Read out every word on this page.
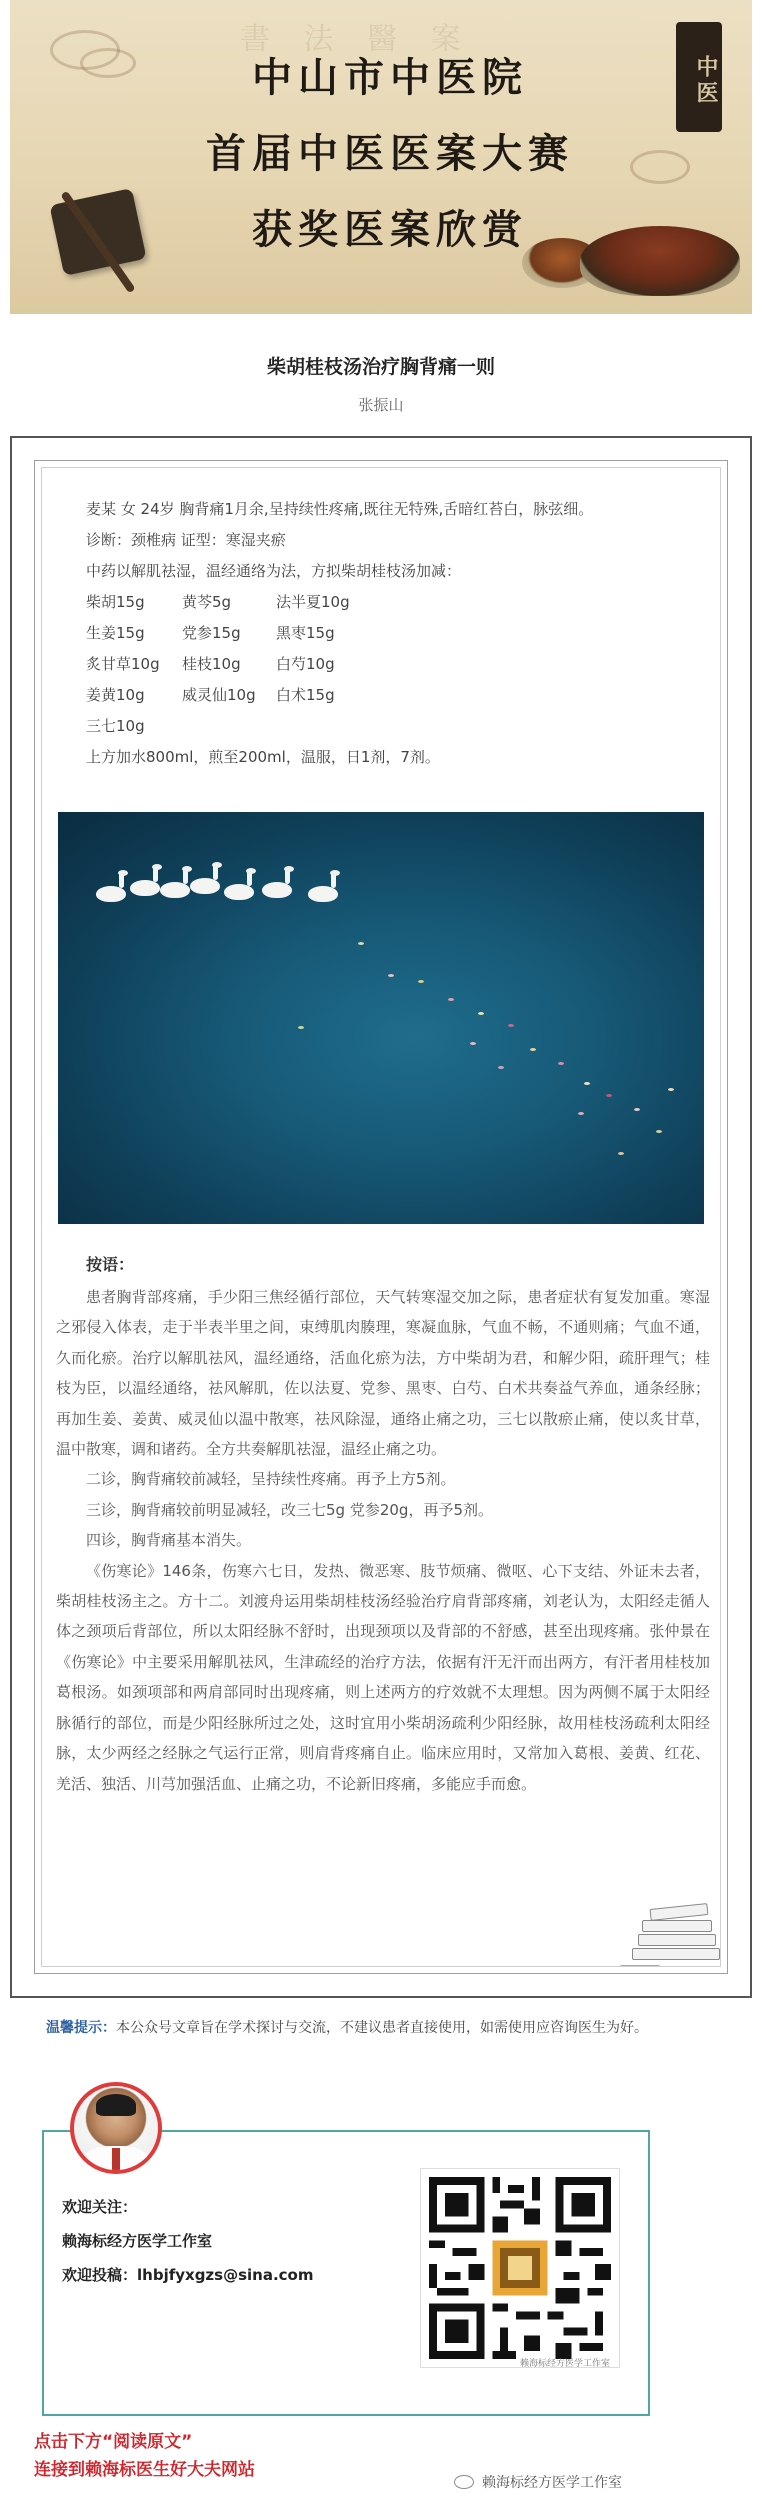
書 法 醫 案
中山市中医院
首届中医医案大赛
获奖医案欣赏
中医
柴胡桂枝汤治疗胸背痛一则
张振山

麦某 女 24岁 胸背痛1月余,呈持续性疼痛,既往无特殊,舌暗红苔白，脉弦细。

诊断：颈椎病 证型：寒湿夹瘀

中药以解肌祛湿，温经通络为法，方拟柴胡桂枝汤加减：

柴胡15g	黄芩5g	法半夏10g
生姜15g	党参15g	黑枣15g
炙甘草10g	桂枝10g	白芍10g
姜黄10g	威灵仙10g	白术15g
三七10g

上方加水800ml，煎至200ml，温服，日1剂，7剂。

按语：

患者胸背部疼痛，手少阳三焦经循行部位，天气转寒湿交加之际，患者症状有复发加重。寒湿之邪侵入体表，走于半表半里之间，束缚肌肉腠理，寒凝血脉，气血不畅，不通则痛；气血不通，久而化瘀。治疗以解肌祛风，温经通络，活血化瘀为法，方中柴胡为君，和解少阳，疏肝理气；桂枝为臣，以温经通络，祛风解肌，佐以法夏、党参、黑枣、白芍、白术共奏益气养血，通条经脉；再加生姜、姜黄、威灵仙以温中散寒，祛风除湿，通络止痛之功，三七以散瘀止痛，使以炙甘草，温中散寒，调和诸药。全方共奏解肌祛湿，温经止痛之功。

二诊，胸背痛较前减轻，呈持续性疼痛。再予上方5剂。

三诊，胸背痛较前明显减轻，改三七5g 党参20g，再予5剂。

四诊，胸背痛基本消失。

《伤寒论》146条，伤寒六七日，发热、微恶寒、肢节烦痛、微呕、心下支结、外证未去者，柴胡桂枝汤主之。方十二。刘渡舟运用柴胡桂枝汤经验治疗肩背部疼痛，刘老认为，太阳经走循人体之颈项后背部位，所以太阳经脉不舒时，出现颈项以及背部的不舒感，甚至出现疼痛。张仲景在《伤寒论》中主要采用解肌祛风，生津疏经的治疗方法，依据有汗无汗而出两方，有汗者用桂枝加葛根汤。如颈项部和两肩部同时出现疼痛，则上述两方的疗效就不太理想。因为两侧不属于太阳经脉循行的部位，而是少阳经脉所过之处，这时宜用小柴胡汤疏利少阳经脉，故用桂枝汤疏利太阳经脉，太少两经之经脉之气运行正常，则肩背疼痛自止。临床应用时，又常加入葛根、姜黄、红花、羌活、独活、川芎加强活血、止痛之功，不论新旧疼痛，多能应手而愈。

温馨提示：本公众号文章旨在学术探讨与交流，不建议患者直接使用，如需使用应咨询医生为好。
欢迎关注：
赖海标经方医学工作室
欢迎投稿：lhbjfyxgzs@sina.com
赖海标经方医学工作室
点击下方“阅读原文”
连接到赖海标医生好大夫网站
赖海标经方医学工作室
